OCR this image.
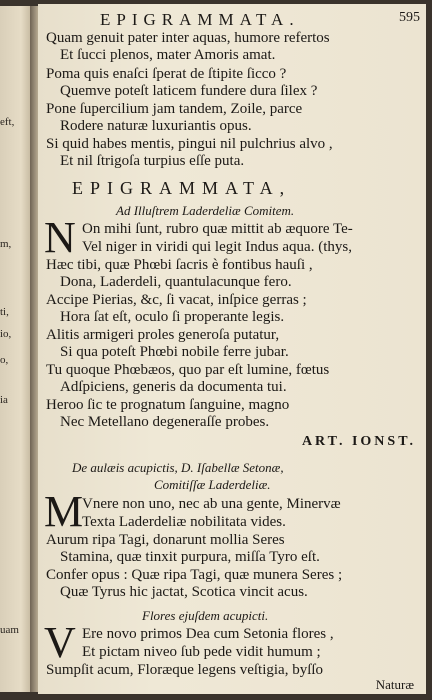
eft,
m,
ti,
io,
o,
ia
uam
EPIGRAMMATA.	595
Quam genuit pater inter aquas, humore refertos
Et ſucci plenos, mater Amoris amat.
Poma quis enaſci ſperat de ſtipite ſicco ?
Quemve poteſt laticem fundere dura ſilex ?
Pone ſupercilium jam tandem, Zoile, parce
Rodere naturæ luxuriantis opus.
Si quid habes mentis, pingui nil pulchrius alvo ,
Et nil ſtrigoſa turpius eſſe puta.
EPIGRAMMATA,
Ad Illuſtrem Laderdeliæ Comitem.
N On mihi ſunt, rubro quæ mittit ab æquore Te-
Vel niger in viridi qui legit Indus aqua. (thys,
Hæc tibi, quæ Phœbi ſacris è fontibus hauſi ,
Dona, Laderdeli, quantulacunque fero.
Accipe Pierias, &c, ſi vacat, inſpice gerras ;
Hora ſat eſt, oculo ſi properante legis.
Alitis armigeri proles generoſa putatur,
Si qua poteſt Phœbi nobile ferre jubar.
Tu quoque Phœbæos, quo par eſt lumine, fœtus
Adſpiciens, generis da documenta tui.
Heroo ſic te prognatum ſanguine, magno
Nec Metellano degeneraſſe probes.
ART. IONST.
De aulæis acupictis, D. Iſabellæ Setonæ,
Comitiſſæ Laderdeliæ.
M
Vnere non uno, nec ab una gente, Minervæ
Texta Laderdeliæ nobilitata vides.
Aurum ripa Tagi, donarunt mollia Seres
Stamina, quæ tinxit purpura, miſſa Tyro eſt.
Confer opus : Quæ ripa Tagi, quæ munera Seres ;
Quæ Tyrus hic jactat, Scotica vincit acus.
Flores ejuſdem acupicti.
V Ere novo primos Dea cum Setonia flores ,
Et pictam niveo ſub pede vidit humum ;
Sumpſit acum, Floræque legens veſtigia, byſſo
Naturæ
